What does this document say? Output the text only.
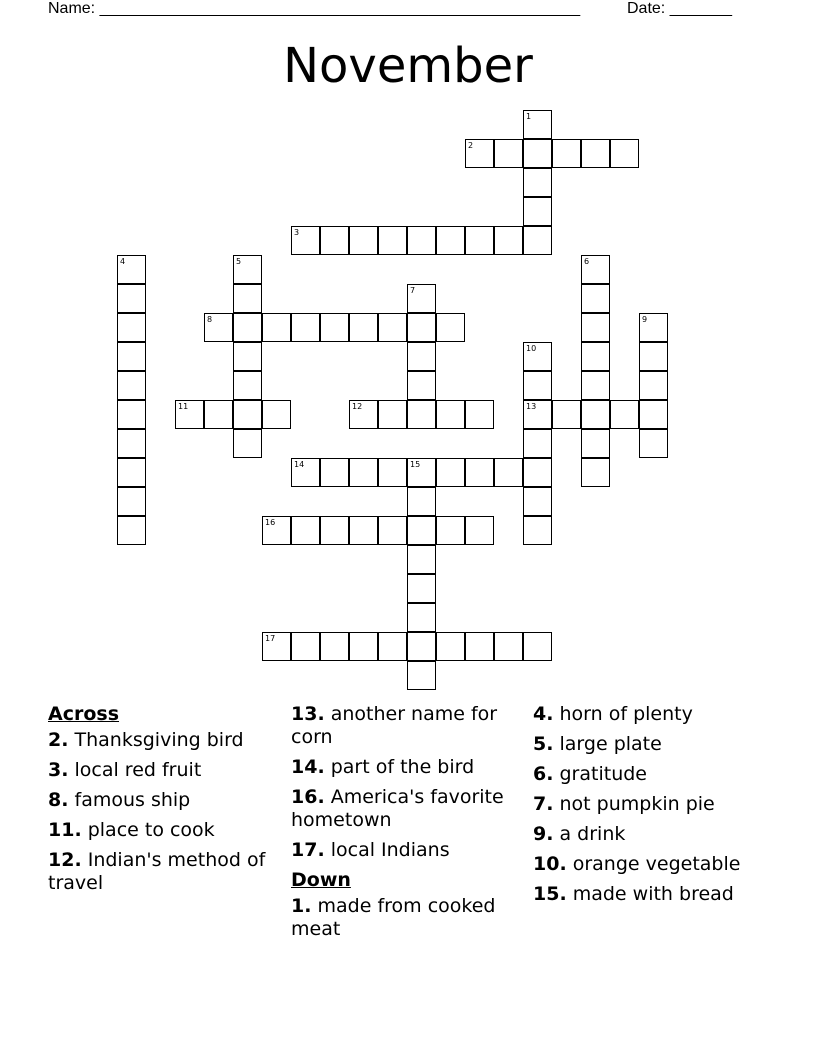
Name: ______________________________________________________	Date: _______
November
2
3
8
11	12	13
14	15
16
17
1
4	5	6
7
9
10
Across
2. Thanksgiving bird
3. local red fruit
8. famous ship
11. place to cook
12. Indian's method of travel
13. another name for corn
14. part of the bird
16. America's favorite hometown
17. local Indians
Down
1. made from cooked meat
4. horn of plenty
5. large plate
6. gratitude
7. not pumpkin pie
9. a drink
10. orange vegetable
15. made with bread
